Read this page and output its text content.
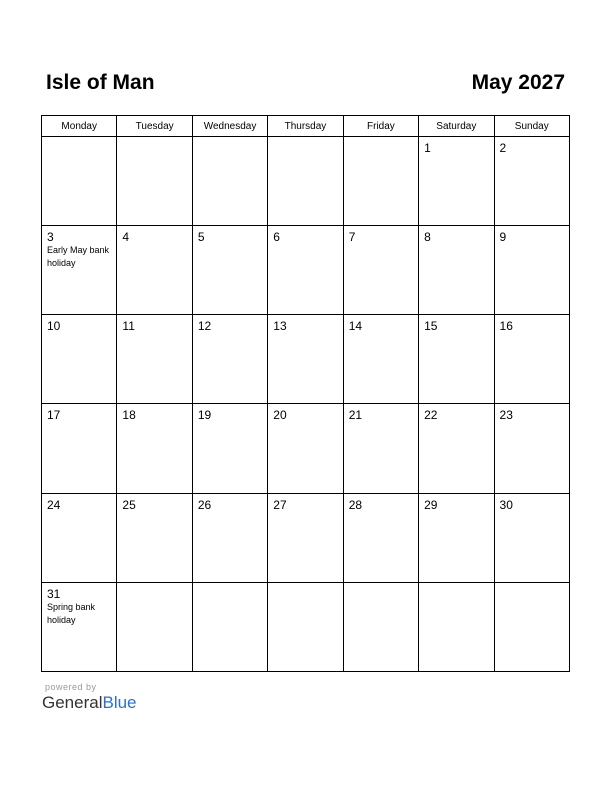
Isle of Man	May 2027
Monday	Tuesday	Wednesday	Thursday	Friday	Saturday	Sunday

					1	2

3
Early May bank holiday	4	5	6	7	8	9

10	11	12	13	14	15	16

17	18	19	20	21	22	23

24	25	26	27	28	29	30

31
Spring bank holiday						

powered by
GeneralBlue
